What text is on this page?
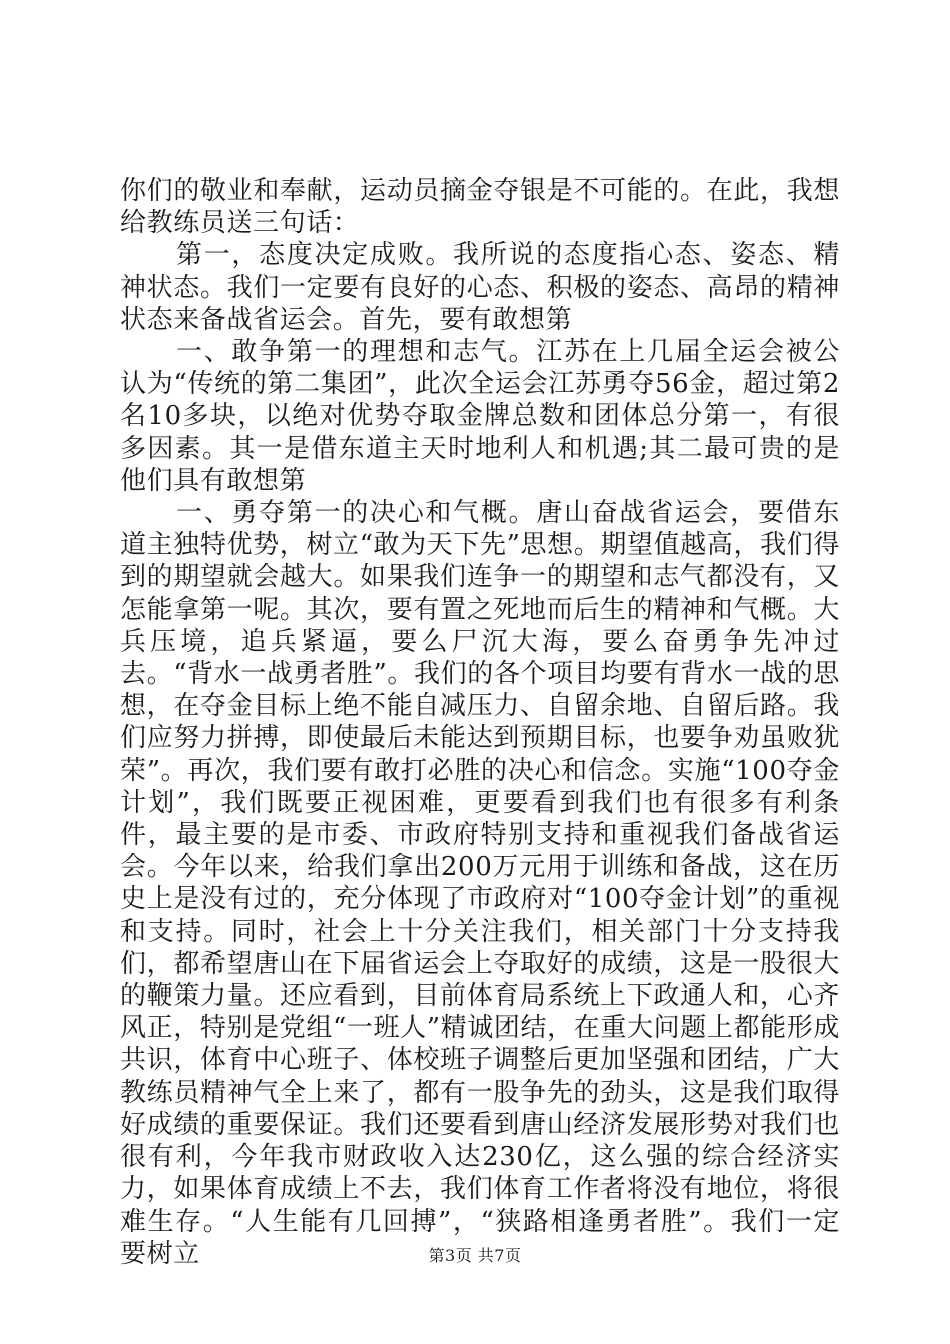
你们的敬业和奉献，运动员摘金夺银是不可能的。在此，我想给教练员送三句话：

第一，态度决定成败。我所说的态度指心态、姿态、精神状态。我们一定要有良好的心态、积极的姿态、高昂的精神状态来备战省运会。首先，要有敢想第

一、敢争第一的理想和志气。江苏在上几届全运会被公认为“传统的第二集团”，此次全运会江苏勇夺56金，超过第2名10多块，以绝对优势夺取金牌总数和团体总分第一，有很多因素。其一是借东道主天时地利人和机遇;其二最可贵的是他们具有敢想第

一、勇夺第一的决心和气概。唐山奋战省运会，要借东道主独特优势，树立“敢为天下先”思想。期望值越高，我们得到的期望就会越大。如果我们连争一的期望和志气都没有，又怎能拿第一呢。其次，要有置之死地而后生的精神和气概。大兵压境，追兵紧逼，要么尸沉大海，要么奋勇争先冲过去。“背水一战勇者胜”。我们的各个项目均要有背水一战的思想，在夺金目标上绝不能自减压力、自留余地、自留后路。我们应努力拼搏，即使最后未能达到预期目标，也要争劝虽败犹荣”。再次，我们要有敢打必胜的决心和信念。实施“100夺金计划”，我们既要正视困难，更要看到我们也有很多有利条件，最主要的是市委、市政府特别支持和重视我们备战省运会。今年以来，给我们拿出200万元用于训练和备战，这在历史上是没有过的，充分体现了市政府对“100夺金计划”的重视和支持。同时，社会上十分关注我们，相关部门十分支持我们，都希望唐山在下届省运会上夺取好的成绩，这是一股很大的鞭策力量。还应看到，目前体育局系统上下政通人和，心齐风正，特别是党组“一班人”精诚团结，在重大问题上都能形成共识，体育中心班子、体校班子调整后更加坚强和团结，广大教练员精神气全上来了，都有一股争先的劲头，这是我们取得好成绩的重要保证。我们还要看到唐山经济发展形势对我们也很有利，今年我市财政收入达230亿，这么强的综合经济实力，如果体育成绩上不去，我们体育工作者将没有地位，将很难生存。“人生能有几回搏”，“狭路相逢勇者胜”。我们一定要树立	第3页 共7页
